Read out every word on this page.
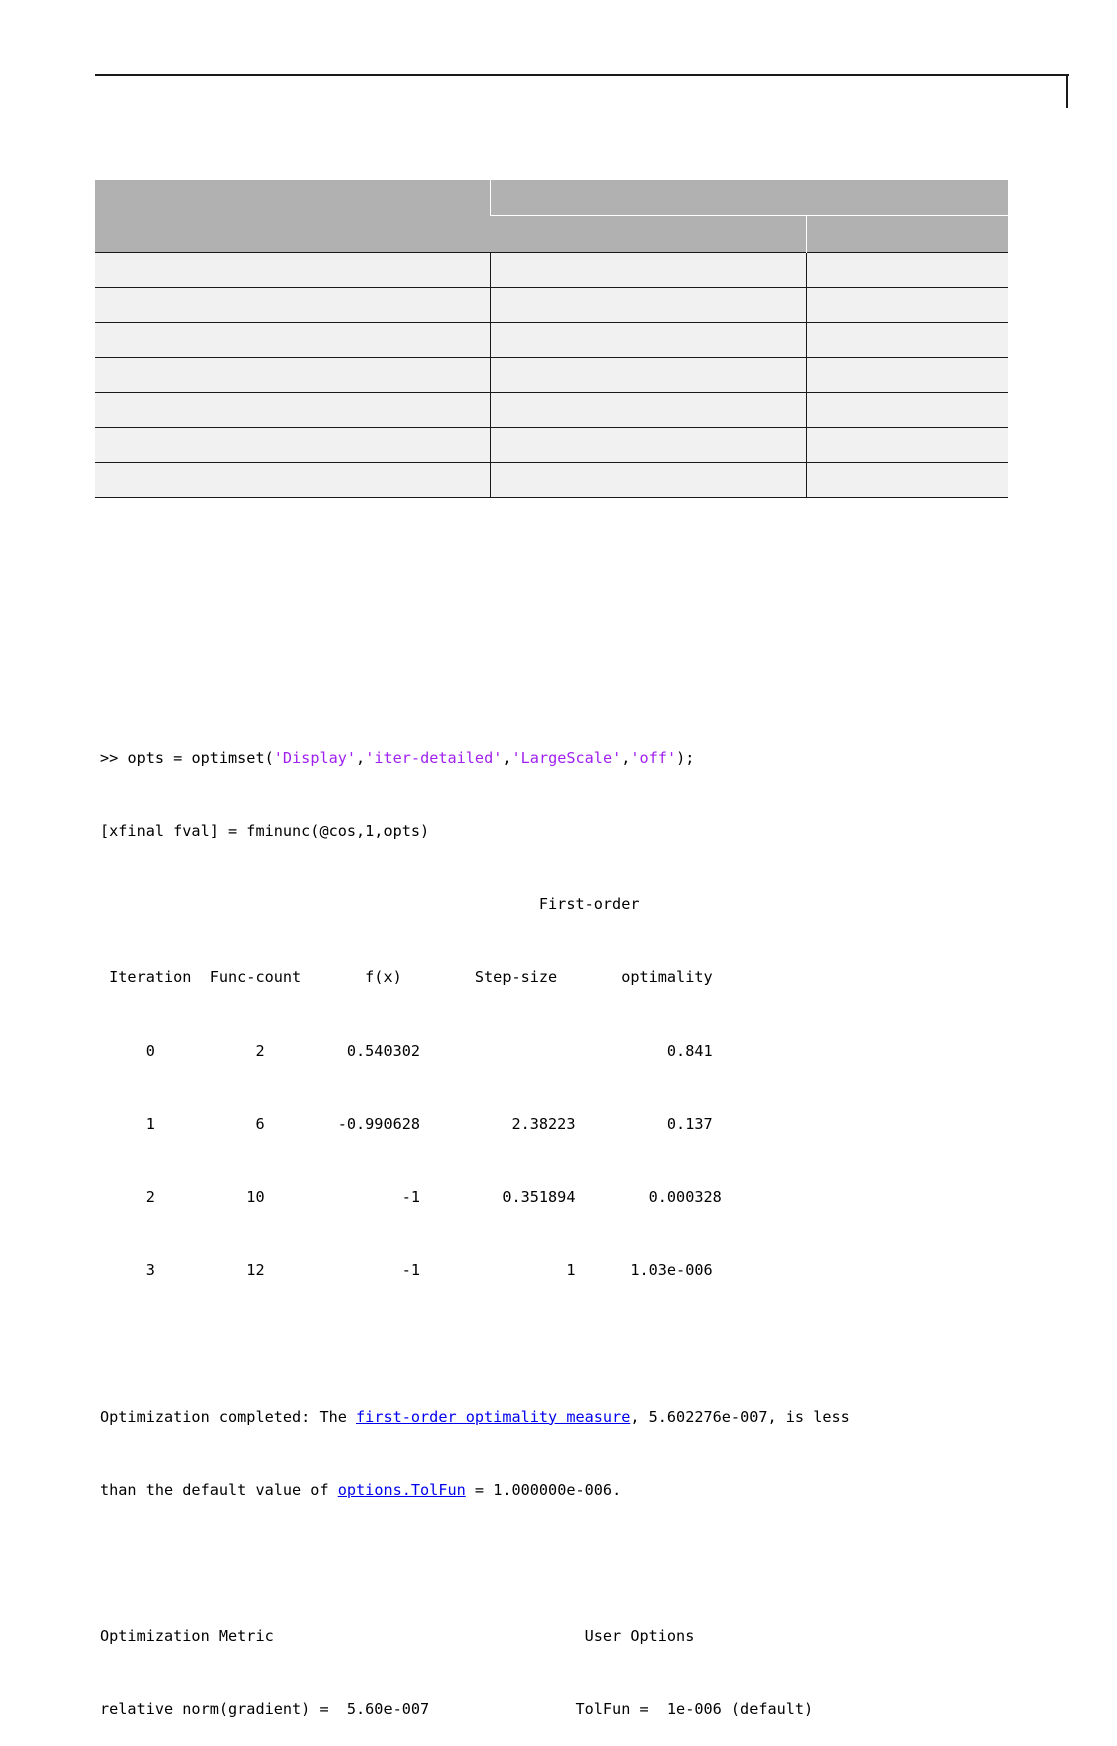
>> opts = optimset('Display','iter-detailed','LargeScale','off');

[xfinal fval] = fminunc(@cos,1,opts)

First-order

Iteration  Func-count       f(x)        Step-size       optimality

0           2         0.540302                           0.841

1           6        -0.990628          2.38223          0.137

2          10               -1         0.351894        0.000328

3          12               -1                1      1.03e-006

Optimization completed: The first-order optimality measure, 5.602276e-007, is less

than the default value of options.TolFun = 1.000000e-006.

Optimization Metric                                  User Options

relative norm(gradient) =  5.60e-007                TolFun =  1e-006 (default)
